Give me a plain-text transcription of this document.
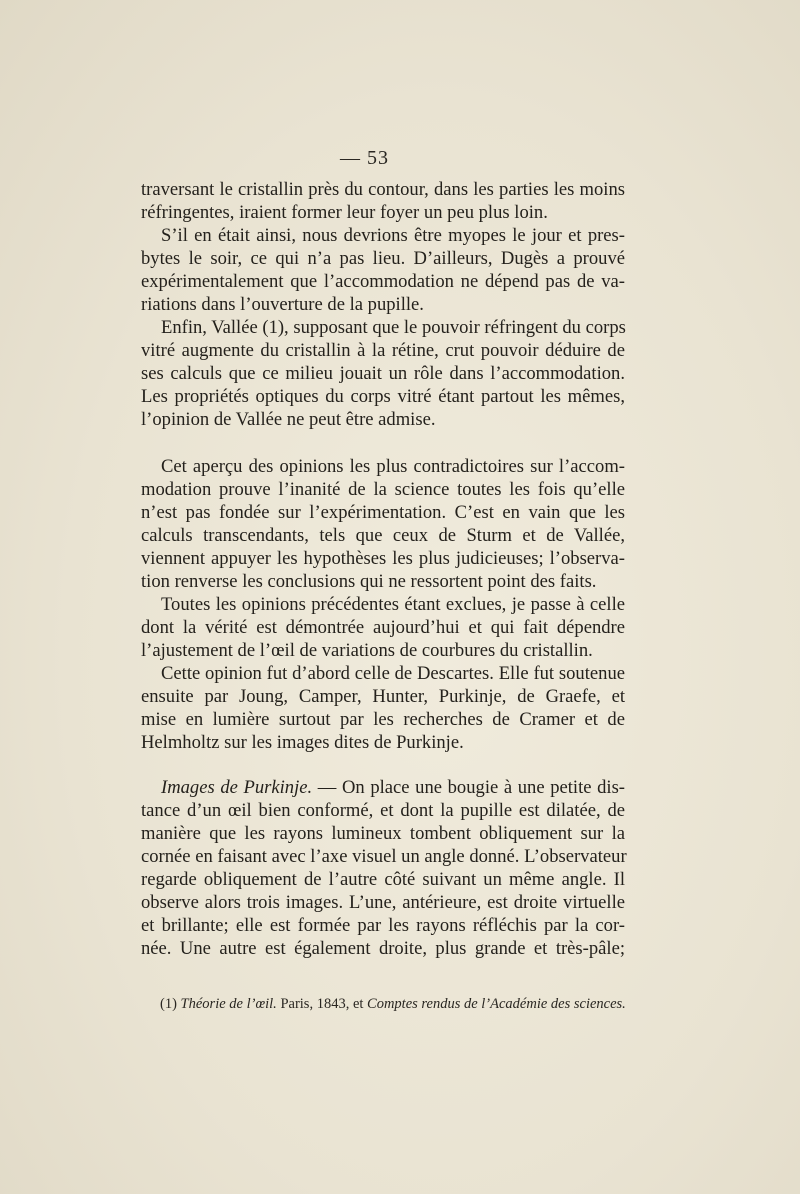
— 53
traversant le cristallin près du contour, dans les parties les moins
réfringentes, iraient former leur foyer un peu plus loin.
S’il en était ainsi, nous devrions être myopes le jour et pres-
bytes le soir, ce qui n’a pas lieu. D’ailleurs, Dugès a prouvé
expérimentalement que l’accommodation ne dépend pas de va-
riations dans l’ouverture de la pupille.
Enfin, Vallée (1), supposant que le pouvoir réfringent du corps
vitré augmente du cristallin à la rétine, crut pouvoir déduire de
ses calculs que ce milieu jouait un rôle dans l’accommodation.
Les propriétés optiques du corps vitré étant partout les mêmes,
l’opinion de Vallée ne peut être admise.
Cet aperçu des opinions les plus contradictoires sur l’accom-
modation prouve l’inanité de la science toutes les fois qu’elle
n’est pas fondée sur l’expérimentation. C’est en vain que les
calculs transcendants, tels que ceux de Sturm et de Vallée,
viennent appuyer les hypothèses les plus judicieuses; l’observa-
tion renverse les conclusions qui ne ressortent point des faits.
Toutes les opinions précédentes étant exclues, je passe à celle
dont la vérité est démontrée aujourd’hui et qui fait dépendre
l’ajustement de l’œil de variations de courbures du cristallin.
Cette opinion fut d’abord celle de Descartes. Elle fut soutenue
ensuite par Joung, Camper, Hunter, Purkinje, de Graefe, et
mise en lumière surtout par les recherches de Cramer et de
Helmholtz sur les images dites de Purkinje.
Images de Purkinje. — On place une bougie à une petite dis-
tance d’un œil bien conformé, et dont la pupille est dilatée, de
manière que les rayons lumineux tombent obliquement sur la
cornée en faisant avec l’axe visuel un angle donné. L’observateur
regarde obliquement de l’autre côté suivant un même angle. Il
observe alors trois images. L’une, antérieure, est droite virtuelle
et brillante; elle est formée par les rayons réfléchis par la cor-
née. Une autre est également droite, plus grande et très-pâle;
(1) Théorie de l’œil. Paris, 1843, et Comptes rendus de l’Académie des sciences.
